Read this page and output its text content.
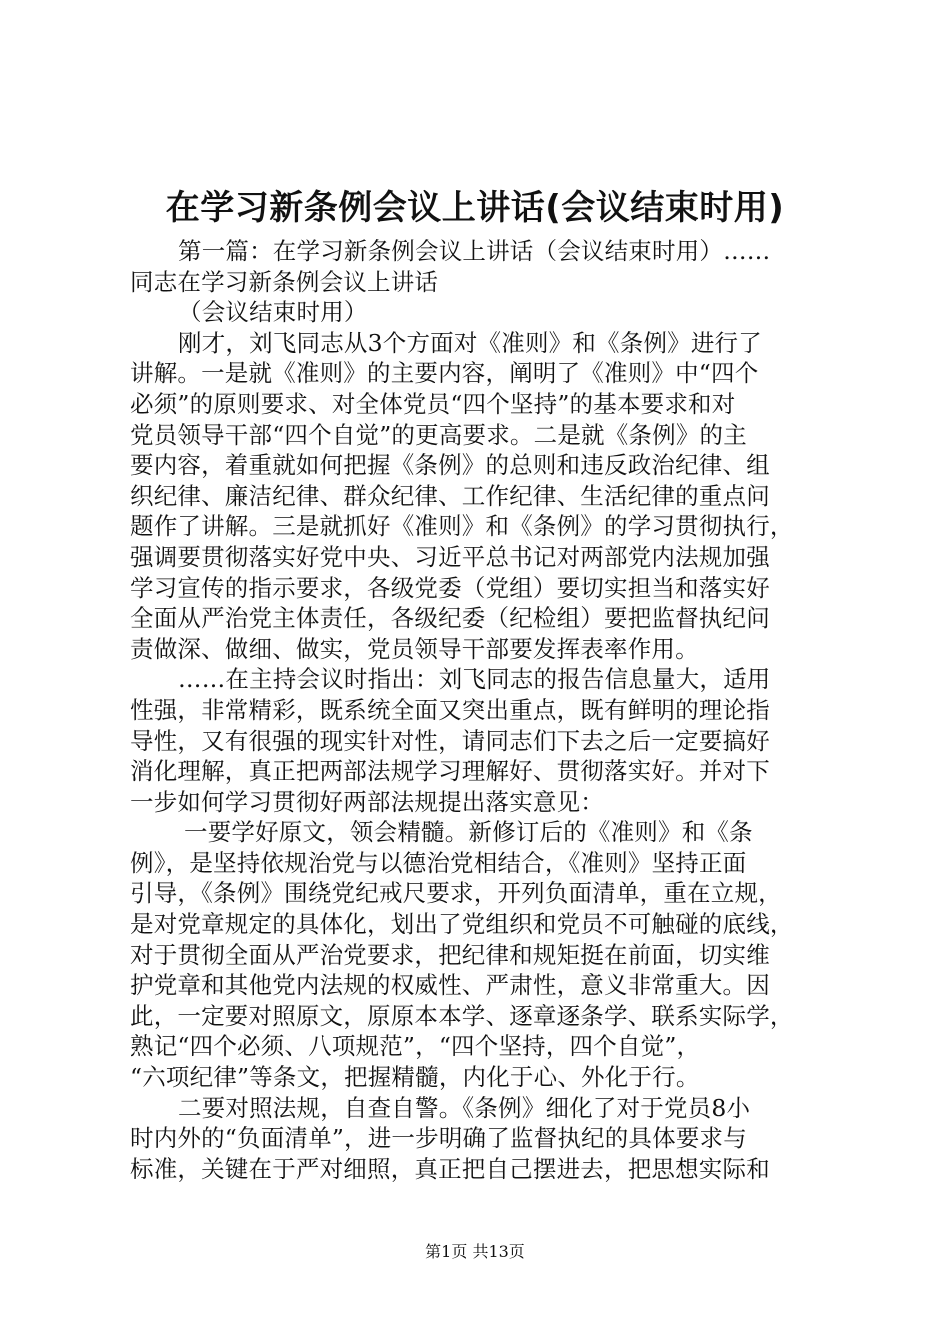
在学习新条例会议上讲话(会议结束时用)
第一篇：在学习新条例会议上讲话（会议结束时用）……
同志在学习新条例会议上讲话
（会议结束时用）
刚才，刘飞同志从3个方面对《准则》和《条例》进行了
讲解。一是就《准则》的主要内容，阐明了《准则》中“四个
必须”的原则要求、对全体党员“四个坚持”的基本要求和对
党员领导干部“四个自觉”的更高要求。二是就《条例》的主
要内容，着重就如何把握《条例》的总则和违反政治纪律、组
织纪律、廉洁纪律、群众纪律、工作纪律、生活纪律的重点问
题作了讲解。三是就抓好《准则》和《条例》的学习贯彻执行，
强调要贯彻落实好党中央、习近平总书记对两部党内法规加强
学习宣传的指示要求，各级党委（党组）要切实担当和落实好
全面从严治党主体责任，各级纪委（纪检组）要把监督执纪问
责做深、做细、做实，党员领导干部要发挥表率作用。
……在主持会议时指出：刘飞同志的报告信息量大，适用
性强，非常精彩，既系统全面又突出重点，既有鲜明的理论指
导性，又有很强的现实针对性，请同志们下去之后一定要搞好
消化理解，真正把两部法规学习理解好、贯彻落实好。并对下
一步如何学习贯彻好两部法规提出落实意见：
一要学好原文，领会精髓。新修订后的《准则》和《条
例》，是坚持依规治党与以德治党相结合，《准则》坚持正面
引导，《条例》围绕党纪戒尺要求，开列负面清单，重在立规，
是对党章规定的具体化，划出了党组织和党员不可触碰的底线，
对于贯彻全面从严治党要求，把纪律和规矩挺在前面，切实维
护党章和其他党内法规的权威性、严肃性，意义非常重大。因
此，一定要对照原文，原原本本学、逐章逐条学、联系实际学，
熟记“四个必须、八项规范”，“四个坚持，四个自觉”，
“六项纪律”等条文，把握精髓，内化于心、外化于行。
二要对照法规，自查自警。《条例》细化了对于党员8小
时内外的“负面清单”，进一步明确了监督执纪的具体要求与
标准，关键在于严对细照，真正把自己摆进去，把思想实际和
第1页 共13页
